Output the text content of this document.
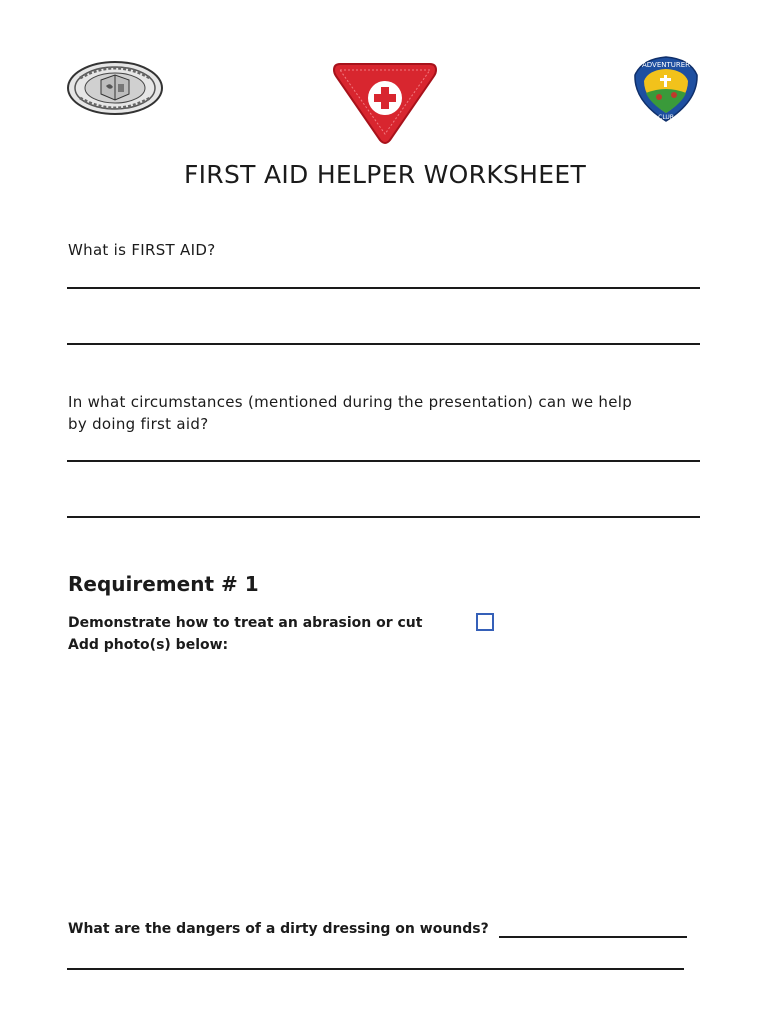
ADVENTURER
CLUB
FIRST AID HELPER WORKSHEET
What is FIRST AID?
In what circumstances (mentioned during the presentation) can we help
by doing first aid?
Requirement # 1
Demonstrate how to treat an abrasion or cut
Add photo(s) below:
What are the dangers of a dirty dressing on wounds?
